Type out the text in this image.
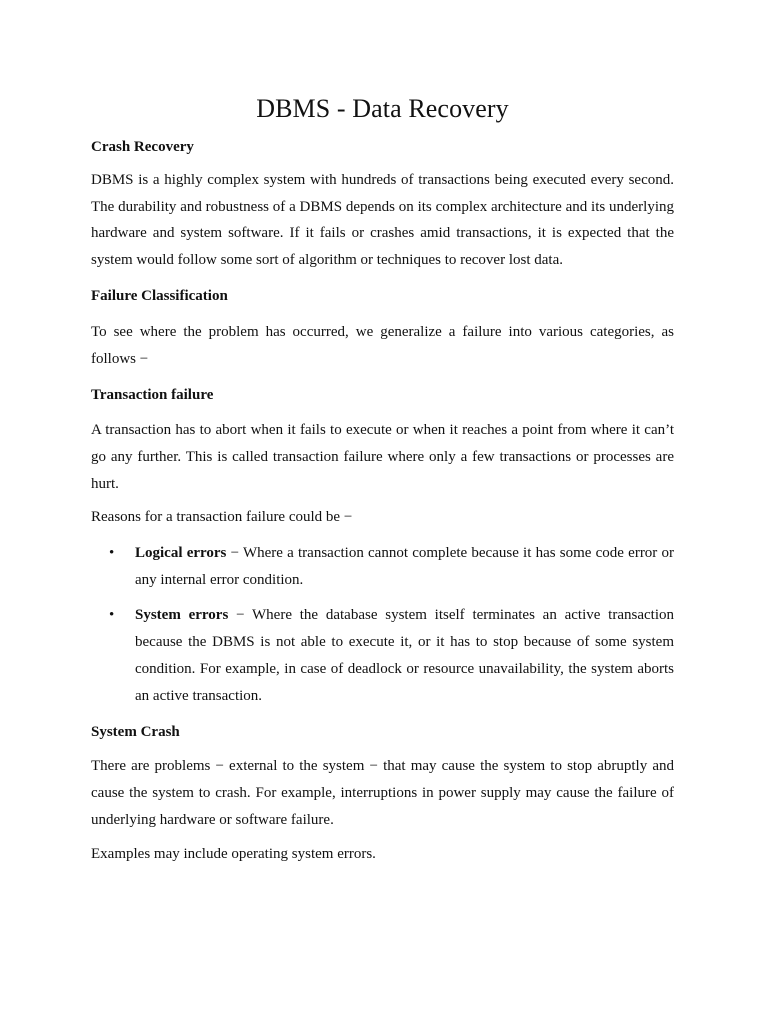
DBMS - Data Recovery
Crash Recovery

DBMS is a highly complex system with hundreds of transactions being executed every second. The durability and robustness of a DBMS depends on its complex architecture and its underlying hardware and system software. If it fails or crashes amid transactions, it is expected that the system would follow some sort of algorithm or techniques to recover lost data.

Failure Classification

To see where the problem has occurred, we generalize a failure into various categories, as follows −

Transaction failure

A transaction has to abort when it fails to execute or when it reaches a point from where it can’t go any further. This is called transaction failure where only a few transactions or processes are hurt.

Reasons for a transaction failure could be −

• Logical errors − Where a transaction cannot complete because it has some code error or any internal error condition.
• System errors − Where the database system itself terminates an active transaction because the DBMS is not able to execute it, or it has to stop because of some system condition. For example, in case of deadlock or resource unavailability, the system aborts an active transaction.
System Crash

There are problems − external to the system − that may cause the system to stop abruptly and cause the system to crash. For example, interruptions in power supply may cause the failure of underlying hardware or software failure.

Examples may include operating system errors.
